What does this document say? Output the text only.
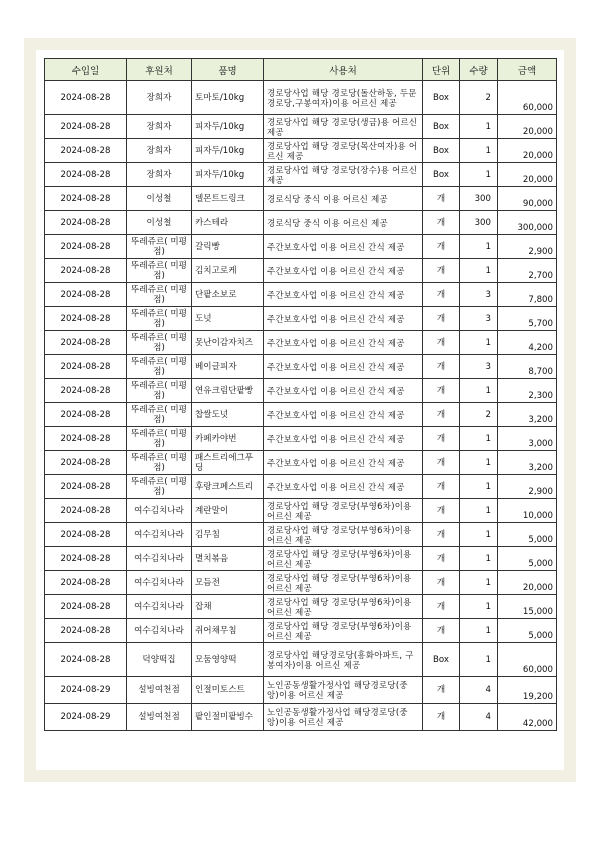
수입일	후원처	품명	사용처	단위	수량	금액
2024-08-28	장희자	토마토/10kg	경로당사업 해당 경로당(돌산하동, 두문경로당,구봉여자)이용 어르신 제공	Box	2	60,000
2024-08-28	장희자	피자두/10kg	경로당사업 해당 경로당(생금)용 어르신 제공	Box	1	20,000
2024-08-28	장희자	피자두/10kg	경로당사업 해당 경로당(목산여자)용 어르신 제공	Box	1	20,000
2024-08-28	장희자	피자두/10kg	경로당사업 해당 경로당(장수)용 어르신 제공	Box	1	20,000
2024-08-28	이성철	델몬트드링크	경로식당 중식 이용 어르신 제공	개	300	90,000
2024-08-28	이성철	카스테라	경로식당 중식 이용 어르신 제공	개	300	300,000
2024-08-28	뚜레쥬르( 미평점)	갈릭빵	주간보호사업 이용 어르신 간식 제공	개	1	2,900
2024-08-28	뚜레쥬르( 미평점)	김치고로케	주간보호사업 이용 어르신 간식 제공	개	1	2,700
2024-08-28	뚜레쥬르( 미평점)	단팥소보로	주간보호사업 이용 어르신 간식 제공	개	3	7,800
2024-08-28	뚜레쥬르( 미평점)	도넛	주간보호사업 이용 어르신 간식 제공	개	3	5,700
2024-08-28	뚜레쥬르( 미평점)	못난이감자치즈	주간보호사업 이용 어르신 간식 제공	개	1	4,200
2024-08-28	뚜레쥬르( 미평점)	베이글피자	주간보호사업 이용 어르신 간식 제공	개	3	8,700
2024-08-28	뚜레쥬르( 미평점)	연유크림단팥빵	주간보호사업 이용 어르신 간식 제공	개	1	2,300
2024-08-28	뚜레쥬르( 미평점)	찹쌀도넛	주간보호사업 이용 어르신 간식 제공	개	2	3,200
2024-08-28	뚜레쥬르( 미평점)	카페카야번	주간보호사업 이용 어르신 간식 제공	개	1	3,000
2024-08-28	뚜레쥬르( 미평점)	패스트리에그푸딩	주간보호사업 이용 어르신 간식 제공	개	1	3,200
2024-08-28	뚜레쥬르( 미평점)	후랑크페스트리	주간보호사업 이용 어르신 간식 제공	개	1	2,900
2024-08-28	여수김치나라	계란말이	경로당사업 해당 경로당(부영6차)이용 어르신 제공	개	1	10,000
2024-08-28	여수김치나라	김무침	경로당사업 해당 경로당(부영6차)이용 어르신 제공	개	1	5,000
2024-08-28	여수김치나라	멸치볶음	경로당사업 해당 경로당(부영6차)이용 어르신 제공	개	1	5,000
2024-08-28	여수김치나라	모듬전	경로당사업 해당 경로당(부영6차)이용 어르신 제공	개	1	20,000
2024-08-28	여수김치나라	잡채	경로당사업 해당 경로당(부영6차)이용 어르신 제공	개	1	15,000
2024-08-28	여수김치나라	쥐어채무침	경로당사업 해당 경로당(부영6차)이용 어르신 제공	개	1	5,000
2024-08-28	덕양떡집	모둠영양떡	경로당사업 해당경로당(흥화아파트, 구봉여자)이용 어르신 제공	Box	1	60,000
2024-08-29	설빙여천점	인절미토스트	노인공동생활가정사업 해당경로당(중앙)이용 어르신 제공	개	4	19,200
2024-08-29	설빙여천점	팥인절미팥빙수	노인공동생활가정사업 해당경로당(중앙)이용 어르신 제공	개	4	42,000
